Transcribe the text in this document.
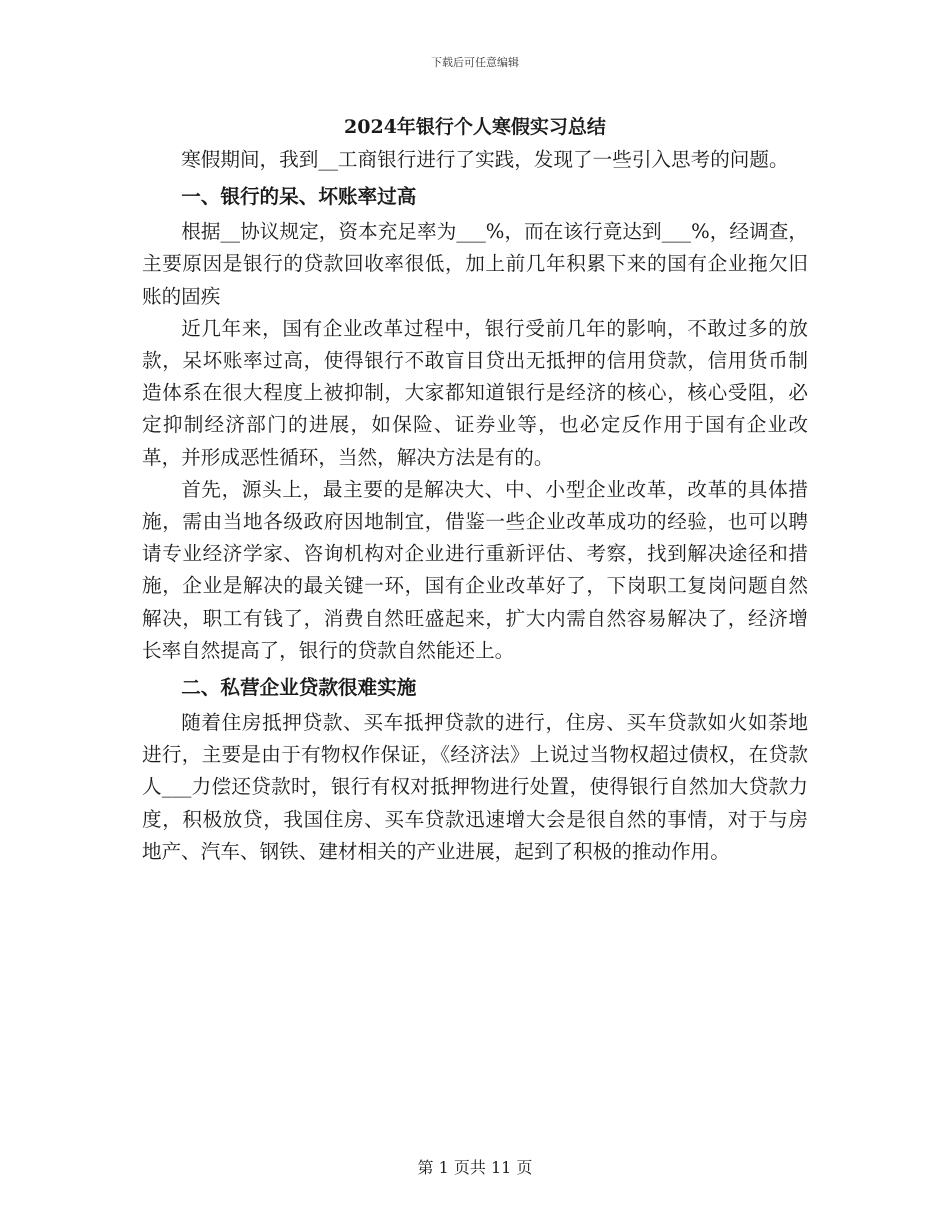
下载后可任意编辑
2024年银行个人寒假实习总结

寒假期间，我到__工商银行进行了实践，发现了一些引入思考的问题。

一、银行的呆、坏账率过高

根据__协议规定，资本充足率为___%，而在该行竟达到___%，经调查，主要原因是银行的贷款回收率很低，加上前几年积累下来的国有企业拖欠旧账的固疾

近几年来，国有企业改革过程中，银行受前几年的影响，不敢过多的放款，呆坏账率过高，使得银行不敢盲目贷出无抵押的信用贷款，信用货币制造体系在很大程度上被抑制，大家都知道银行是经济的核心，核心受阻，必定抑制经济部门的进展，如保险、证券业等，也必定反作用于国有企业改革，并形成恶性循环，当然，解决方法是有的。

首先，源头上，最主要的是解决大、中、小型企业改革，改革的具体措施，需由当地各级政府因地制宜，借鉴一些企业改革成功的经验，也可以聘请专业经济学家、咨询机构对企业进行重新评估、考察，找到解决途径和措施，企业是解决的最关键一环，国有企业改革好了，下岗职工复岗问题自然解决，职工有钱了，消费自然旺盛起来，扩大内需自然容易解决了，经济增长率自然提高了，银行的贷款自然能还上。

二、私营企业贷款很难实施

随着住房抵押贷款、买车抵押贷款的进行，住房、买车贷款如火如荼地进行，主要是由于有物权作保证，《经济法》上说过当物权超过债权，在贷款人___力偿还贷款时，银行有权对抵押物进行处置，使得银行自然加大贷款力度，积极放贷，我国住房、买车贷款迅速增大会是很自然的事情，对于与房地产、汽车、钢铁、建材相关的产业进展，起到了积极的推动作用。

第 1 页共 11 页
